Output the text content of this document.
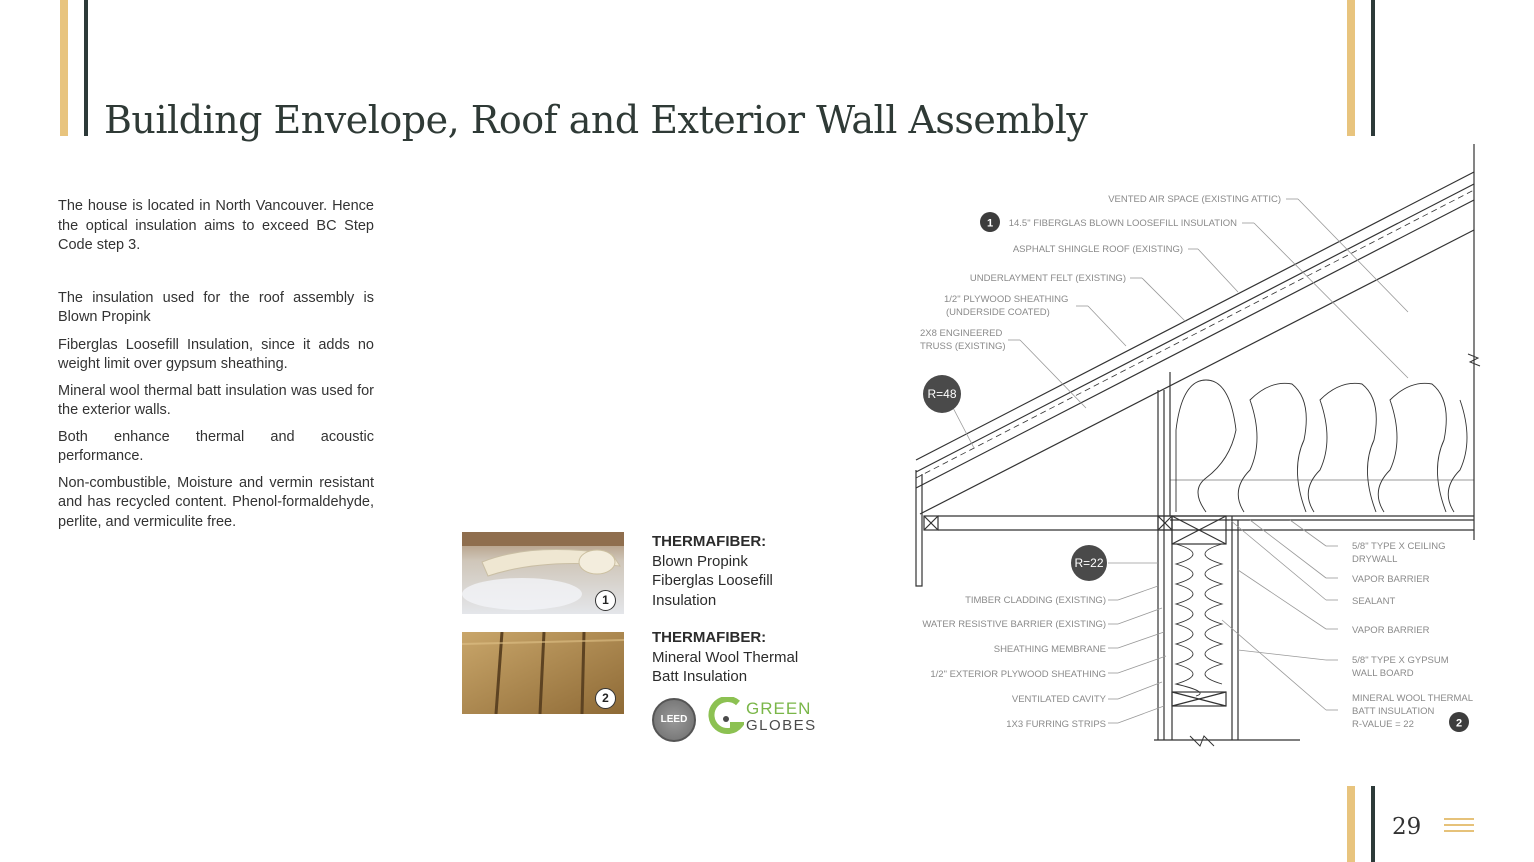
Building Envelope, Roof and Exterior Wall Assembly

The house is located in North Vancouver. Hence the optical insulation aims to exceed BC Step Code step 3.

The insulation used for the roof assembly is Blown Propink

Fiberglas Loosefill Insulation, since it adds no weight limit over gypsum sheathing.

Mineral wool thermal batt insulation was used for the exterior walls.

Both enhance thermal and acoustic performance.

Non-combustible, Moisture and vermin resistant and has recycled content. Phenol-formaldehyde, perlite, and vermiculite free.

1
2
THERMAFIBER:
Blown Propink
Fiberglas Loosefill
Insulation
THERMAFIBER:
Mineral Wool Thermal
Batt Insulation
LEED
GREEN
GLOBES
VENTED AIR SPACE (EXISTING ATTIC)
14.5" FIBERGLAS BLOWN LOOSEFILL INSULATION
ASPHALT SHINGLE ROOF (EXISTING)
UNDERLAYMENT FELT (EXISTING)
1/2" PLYWOOD SHEATHING
(UNDERSIDE COATED)
2X8 ENGINEERED
TRUSS (EXISTING)
1
R=48
R=22
TIMBER CLADDING (EXISTING)
WATER RESISTIVE BARRIER (EXISTING)
SHEATHING MEMBRANE
1/2" EXTERIOR PLYWOOD SHEATHING
VENTILATED CAVITY
1X3 FURRING STRIPS
5/8" TYPE X CEILING
DRYWALL
VAPOR BARRIER
SEALANT
VAPOR BARRIER
5/8" TYPE X GYPSUM
WALL BOARD
MINERAL WOOL THERMAL
BATT INSULATION
R-VALUE = 22	2
29
